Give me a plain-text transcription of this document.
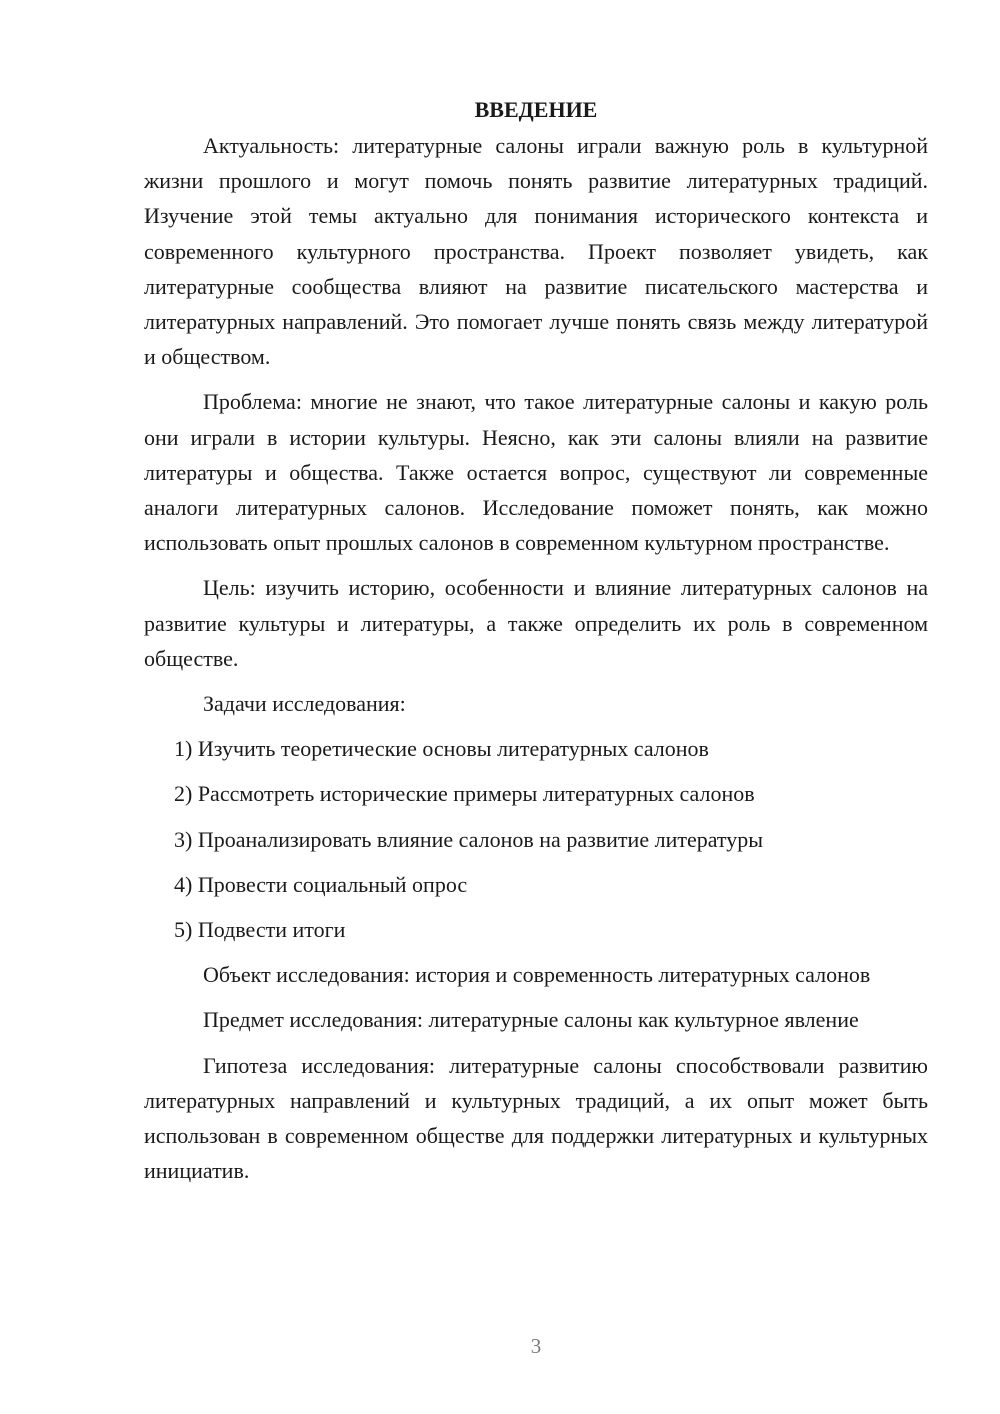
ВВЕДЕНИЕ

Актуальность: литературные салоны играли важную роль в культурной жизни прошлого и могут помочь понять развитие литературных традиций. Изучение этой темы актуально для понимания исторического контекста и современного культурного пространства. Проект позволяет увидеть, как литературные сообщества влияют на развитие писательского мастерства и литературных направлений. Это помогает лучше понять связь между литературой и обществом.

Проблема: многие не знают, что такое литературные салоны и какую роль они играли в истории культуры. Неясно, как эти салоны влияли на развитие литературы и общества. Также остается вопрос, существуют ли современные аналоги литературных салонов. Исследование поможет понять, как можно использовать опыт прошлых салонов в современном культурном пространстве.

Цель: изучить историю, особенности и влияние литературных салонов на развитие культуры и литературы, а также определить их роль в современном обществе.

Задачи исследования:

1) Изучить теоретические основы литературных салонов
2) Рассмотреть исторические примеры литературных салонов
3) Проанализировать влияние салонов на развитие литературы
4) Провести социальный опрос
5) Подвести итоги

Объект исследования: история и современность литературных салонов

Предмет исследования: литературные салоны как культурное явление

Гипотеза исследования: литературные салоны способствовали развитию литературных направлений и культурных традиций, а их опыт может быть использован в современном обществе для поддержки литературных и культурных инициатив.

3
